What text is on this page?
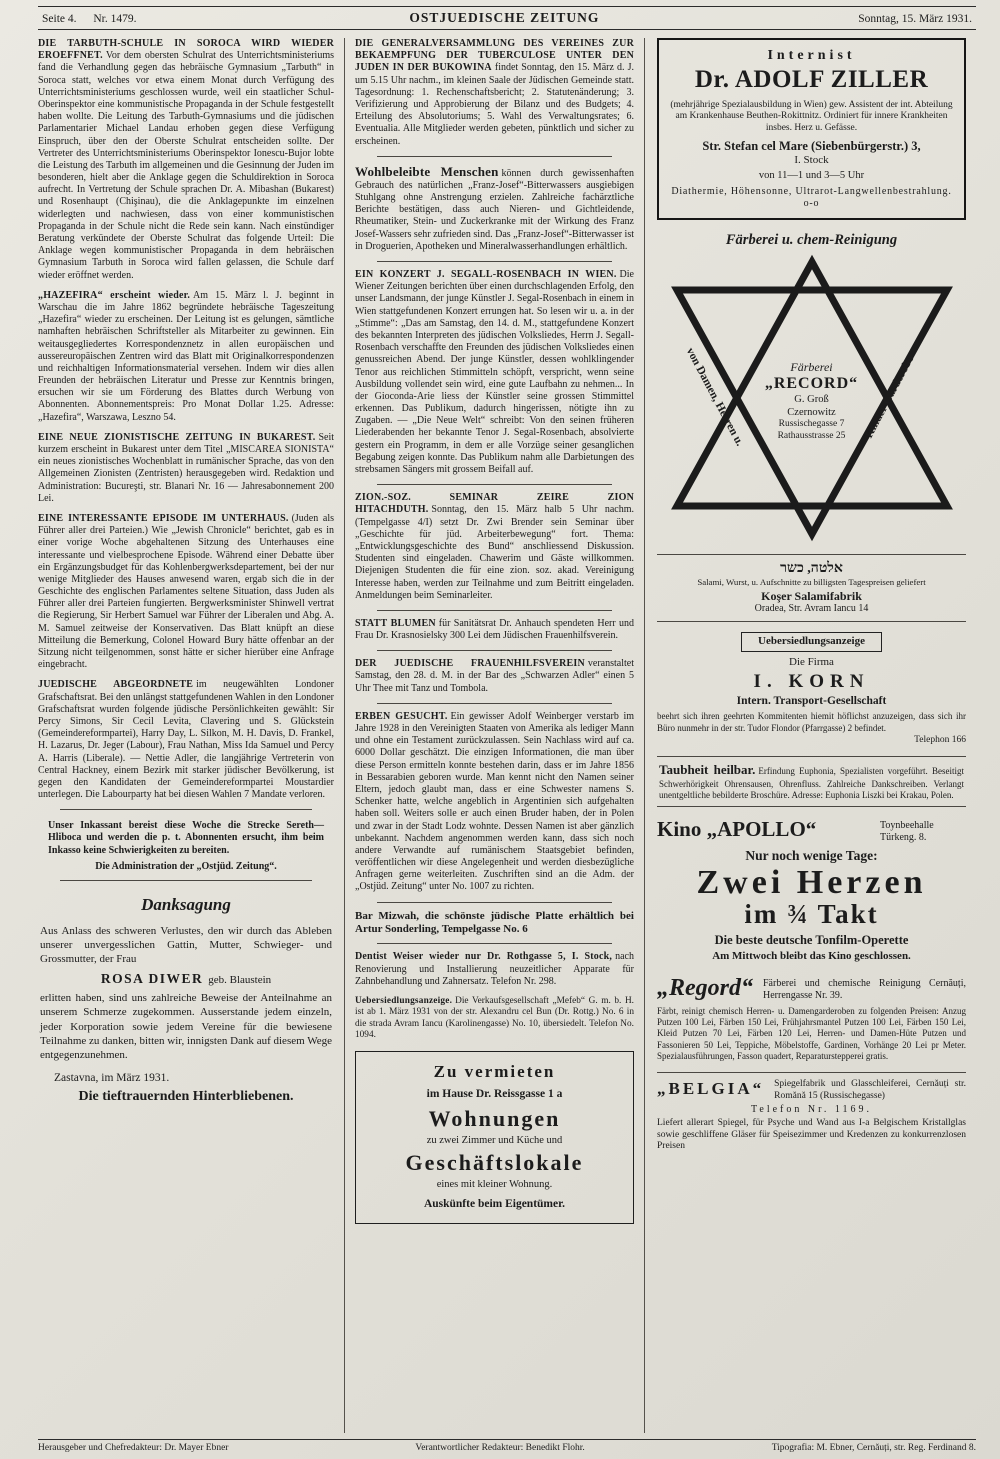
Seite 4. Nr. 1479.	OSTJUEDISCHE ZEITUNG	Sonntag, 15. März 1931.

DIE TARBUTH-SCHULE IN SOROCA WIRD WIEDER EROEFFNET. Vor dem obersten Schulrat des Unterrichtsministeriums fand die Verhandlung gegen das hebräische Gymnasium „Tarbuth“ in Soroca statt, welches vor etwa einem Monat durch Verfügung des Unterrichtsministeriums geschlossen wurde, weil ein staatlicher Schul-Oberinspektor eine kommunistische Propaganda in der Schule festgestellt haben wollte. Die Leitung des Tarbuth-Gymnasiums und die jüdischen Parlamentarier Michael Landau erhoben gegen diese Verfügung Einspruch, über den der Oberste Schulrat entscheiden sollte. Der Vertreter des Unterrichtsministeriums Oberinspektor Ionescu-Bujor lobte die Leistung des Tarbuth im allgemeinen und die Gesinnung der Juden im besonderen, hielt aber die Anklage gegen die Schuldirektion in Soroca aufrecht. In Vertretung der Schule sprachen Dr. A. Mibashan (Bukarest) und Rosenhaupt (Chişinau), die die Anklagepunkte im einzelnen widerlegten und nachwiesen, dass von einer kommunistischen Propaganda in der Schule nicht die Rede sein kann. Nach einstündiger Beratung verkündete der Oberste Schulrat das folgende Urteil: Die Anklage wegen kommunistischer Propaganda in dem hebräischen Gymnasium Tarbuth in Soroca wird fallen gelassen, die Schule darf wieder eröffnet werden.

„HAZEFIRA“ erscheint wieder. Am 15. März l. J. beginnt in Warschau die im Jahre 1862 begründete hebräische Tageszeitung „Hazefira“ wieder zu erscheinen. Der Leitung ist es gelungen, sämtliche namhaften hebräischen Schriftsteller als Mitarbeiter zu gewinnen. Ein weitausgegliedertes Korrespondenznetz in allen europäischen und aussereuropäischen Zentren wird das Blatt mit Originalkorrespondenzen und reichhaltigen Informationsmaterial versehen. Indem wir dies allen Freunden der hebräischen Literatur und Presse zur Kenntnis bringen, ersuchen wir sie um Förderung des Blattes durch Werbung von Abonnenten. Abonnementspreis: Pro Monat Dollar 1.25. Adresse: „Hazefira“, Warszawa, Leszno 54.

EINE NEUE ZIONISTISCHE ZEITUNG IN BUKAREST. Seit kurzem erscheint in Bukarest unter dem Titel „MISCAREA SIONISTA“ ein neues zionistisches Wochenblatt in rumänischer Sprache, das von den Allgemeinen Zionisten (Zentristen) herausgegeben wird. Redaktion und Administration: Bucureşti, str. Blanari Nr. 16 — Jahresabonnement 200 Lei.

EINE INTERESSANTE EPISODE IM UNTERHAUS. (Juden als Führer aller drei Parteien.) Wie „Jewish Chronicle“ berichtet, gab es in einer vorige Woche abgehaltenen Sitzung des Unterhauses eine interessante und vielbesprochene Episode. Während einer Debatte über ein Ergänzungsbudget für das Kohlenbergwerksdepartement, bei der nur wenige Mitglieder des Hauses anwesend waren, ergab sich die in der Geschichte des englischen Parlamentes seltene Situation, dass Juden als Führer aller drei Parteien fungierten. Bergwerksminister Shinwell vertrat die Regierung, Sir Herbert Samuel war Führer der Liberalen und Abg. A. M. Samuel zeitweise der Konservativen. Das Blatt knüpft an diese Mitteilung die Bemerkung, Colonel Howard Bury hätte offenbar an der Sitzung nicht teilgenommen, sonst hätte er sicher hierüber eine Anfrage eingebracht.

JUEDISCHE ABGEORDNETE im neugewählten Londoner Grafschaftsrat. Bei den unlängst stattgefundenen Wahlen in den Londoner Grafschaftsrat wurden folgende jüdische Persönlichkeiten gewählt: Sir Percy Simons, Sir Cecil Levita, Clavering und S. Glückstein (Gemeindereformpartei), Harry Day, L. Silkon, M. H. Davis, D. Frankel, H. Lazarus, Dr. Jeger (Labour), Frau Nathan, Miss Ida Samuel und Percy A. Harris (Liberale). — Nettie Adler, die langjährige Vertreterin von Central Hackney, einem Bezirk mit starker jüdischer Bevölkerung, ist gegen den Kandidaten der Gemeindereformpartei Moustardier unterlegen. Die Labourparty hat bei diesen Wahlen 7 Mandate verloren.

Unser Inkassant bereist diese Woche die Strecke Sereth—Hliboca und werden die p. t. Abonnenten ersucht, ihm beim Inkasso keine Schwierigkeiten zu bereiten.
Die Administration der „Ostjüd. Zeitung“.
Danksagung
Aus Anlass des schweren Verlustes, den wir durch das Ableben unserer unvergesslichen Gattin, Mutter, Schwieger- und Grossmutter, der Frau
ROSA DIWER geb. Blaustein
erlitten haben, sind uns zahlreiche Beweise der Anteilnahme an unserem Schmerze zugekommen. Ausserstande jedem einzeln, jeder Korporation sowie jedem Vereine für die bewiesene Teilnahme zu danken, bitten wir, innigsten Dank auf diesem Wege entgegenzunehmen.
Zastavna, im März 1931.
Die tieftrauernden Hinterbliebenen.

DIE GENERALVERSAMMLUNG DES VEREINES ZUR BEKAEMPFUNG DER TUBERCULOSE UNTER DEN JUDEN IN DER BUKOWINA findet Sonntag, den 15. März d. J. um 5.15 Uhr nachm., im kleinen Saale der Jüdischen Gemeinde statt. Tagesordnung: 1. Rechenschaftsbericht; 2. Statutenänderung; 3. Verifizierung und Approbierung der Bilanz und des Budgets; 4. Erteilung des Absolutoriums; 5. Wahl des Verwaltungsrates; 6. Eventualia. Alle Mitglieder werden gebeten, pünktlich und sicher zu erscheinen.

Wohlbeleibte Menschen können durch gewissenhaften Gebrauch des natürlichen „Franz-Josef“-Bitterwassers ausgiebigen Stuhlgang ohne Anstrengung erzielen. Zahlreiche fachärztliche Berichte bestätigen, dass auch Nieren- und Gichtleidende, Rheumatiker, Stein- und Zuckerkranke mit der Wirkung des Franz Josef-Wassers sehr zufrieden sind. Das „Franz-Josef“-Bitterwasser ist in Droguerien, Apotheken und Mineralwasserhandlungen erhältlich.

EIN KONZERT J. SEGALL-ROSENBACH IN WIEN. Die Wiener Zeitungen berichten über einen durchschlagenden Erfolg, den unser Landsmann, der junge Künstler J. Segal-Rosenbach in einem in Wien stattgefundenen Konzert errungen hat. So lesen wir u. a. in der „Stimme“: „Das am Samstag, den 14. d. M., stattgefundene Konzert des bekannten Interpreten des jüdischen Volksliedes, Herrn J. Segall-Rosenbach verschaffte den Freunden des jüdischen Volksliedes einen genussreichen Abend. Der junge Künstler, dessen wohlklingender Tenor aus reichlichen Stimmitteln schöpft, verspricht, wenn seine Ausbildung vollendet sein wird, eine gute Laufbahn zu nehmen... In der Gioconda-Arie liess der Künstler seine grossen Stimmittel erkennen. Das Publikum, dadurch hingerissen, nötigte ihn zu Zugaben. — „Die Neue Welt“ schreibt: Von den seinen früheren Liederabenden her bekannte Tenor J. Segal-Rosenbach, absolvierte gestern ein Programm, in dem er alle Vorzüge seiner gesanglichen Begabung zeigen konnte. Das Publikum nahm alle Darbietungen des strebsamen Sängers mit grossem Beifall auf.

ZION.-SOZ. SEMINAR ZEIRE ZION HITACHDUTH. Sonntag, den 15. März halb 5 Uhr nachm. (Tempelgasse 4/I) setzt Dr. Zwi Brender sein Seminar über „Geschichte für jüd. Arbeiterbewegung“ fort. Thema: „Entwicklungsgeschichte des Bund“ anschliessend Diskussion. Studenten sind eingeladen. Chawerim und Gäste willkommen. Diejenigen Studenten die für eine zion. soz. akad. Vereinigung Interesse haben, werden zur Teilnahme und zum Beitritt eingeladen. Anmeldungen beim Seminarleiter.

STATT BLUMEN für Sanitätsrat Dr. Anhauch spendeten Herr und Frau Dr. Krasnosielsky 300 Lei dem Jüdischen Frauenhilfsverein.

DER JUEDISCHE FRAUENHILFSVEREIN veranstaltet Samstag, den 28. d. M. in der Bar des „Schwarzen Adler“ einen 5 Uhr Thee mit Tanz und Tombola.

ERBEN GESUCHT. Ein gewisser Adolf Weinberger verstarb im Jahre 1928 in den Vereinigten Staaten von Amerika als lediger Mann und ohne ein Testament zurückzulassen. Sein Nachlass wird auf ca. 6000 Dollar geschätzt. Die einzigen Informationen, die man über diese Person ermitteln konnte bestehen darin, dass er im Jahre 1856 in Bessarabien geboren wurde. Man kennt nicht den Namen seiner Eltern, jedoch glaubt man, dass er eine Schwester namens S. Schenker hatte, welche angeblich in Argentinien sich aufgehalten haben soll. Weiters solle er auch einen Bruder haben, der in Polen und zwar in der Stadt Lodz wohnte. Dessen Namen ist aber gänzlich unbekannt. Nachdem angenommen werden kann, dass sich noch andere Verwandte auf rumänischem Staatsgebiet befinden, veröffentlichen wir diese Angelegenheit und werden diesbezügliche Anfragen gerne weiterleiten. Zuschriften sind an die Adm. der „Ostjüd. Zeitung“ unter No. 1007 zu richten.

Bar Mizwah, die schönste jüdische Platte erhältlich bei Artur Sonderling, Tempelgasse No. 6

Dentist Weiser wieder nur Dr. Rothgasse 5, I. Stock, nach Renovierung und Installierung neuzeitlicher Apparate für Zahnbehandlung und Zahnersatz. Telefon Nr. 298.

Uebersiedlungsanzeige. Die Verkaufsgesellschaft „Mefeb“ G. m. b. H. ist ab 1. März 1931 von der str. Alexandru cel Bun (Dr. Rottg.) No. 6 in die strada Avram Iancu (Karolinengasse) No. 10, übersiedelt. Telefon No. 1094.

Zu vermieten
im Hause Dr. Reissgasse 1 a
Wohnungen
zu zwei Zimmer und Küche und
Geschäftslokale
eines mit kleiner Wohnung.
Auskünfte beim Eigentümer.
Internist
Dr. ADOLF ZILLER
(mehrjährige Spezialausbildung in Wien) gew. Assistent der int. Abteilung am Krankenhause Beuthen-Rokittnitz. Ordiniert für innere Krankheiten insbes. Herz u. Gefässe.
Str. Stefan cel Mare (Siebenbürgerstr.) 3,
I. Stock
von 11—1 und 3—5 Uhr
Diathermie, Höhensonne, Ultrarot-Langwellenbestrahlung. o-o
Färberei u. chem-Reinigung
Färberei
„RECORD“
G. Groß
Czernowitz
Russischegasse 7
Rathausstrasse 25
von Damen, Herren u.	Kinder Garderobe
אלטה, כשר
Salami, Wurst, u. Aufschnitte zu billigsten Tagespreisen geliefert
Koşer Salamifabrik
Oradea, Str. Avram Iancu 14
Uebersiedlungsanzeige
Die Firma
I. KORN
Intern. Transport-Gesellschaft

beehrt sich ihren geehrten Kommitenten hiemit höflichst anzuzeigen, dass sich ihr Büro nunmehr in der str. Tudor Flondor (Pfarrgasse) 2 befindet.

Telephon 166

Taubheit heilbar. Erfindung Euphonia, Spezialisten vorgeführt. Beseitigt Schwerhörigkeit Ohrensausen, Ohrenfluss. Zahlreiche Dankschreiben. Verlangt unentgeltliche bebilderte Broschüre. Adresse: Euphonia Liszki bei Krakau, Polen.

Kino „APOLLO“	Toynbeehalle Türkeng. 8.
Nur noch wenige Tage:
Zwei Herzen
im ¾ Takt
Die beste deutsche Tonfilm-Operette
Am Mittwoch bleibt das Kino geschlossen.
„Regord“ Färberei und chemische Reinigung Cernăuți, Herrengasse Nr. 39.

Färbt, reinigt chemisch Herren- u. Damengarderoben zu folgenden Preisen: Anzug Putzen 100 Lei, Färben 150 Lei, Frühjahrsmantel Putzen 100 Lei, Färben 150 Lei, Kleid Putzen 70 Lei, Färben 120 Lei, Herren- und Damen-Hüte Putzen und Fassonieren 50 Lei, Teppiche, Möbelstoffe, Gardinen, Vorhänge 20 Lei pr Meter. Spezialausführungen, Fasson quadert, Reparaturstepperei gratis.

„BELGIA“ Spiegelfabrik und Glasschleiferei, Cernăuți str. Romănă 15 (Russischegasse)
Telefon Nr. 1169.

Liefert allerart Spiegel, für Psyche und Wand aus I-a Belgischem Kristallglas sowie geschliffene Gläser für Speisezimmer und Kredenzen zu konkurrenzlosen Preisen

Herausgeber und Chefredakteur: Dr. Mayer Ebner	Verantwortlicher Redakteur: Benedikt Flohr.	Tipografia: M. Ebner, Cernăuți, str. Reg. Ferdinand 8.
